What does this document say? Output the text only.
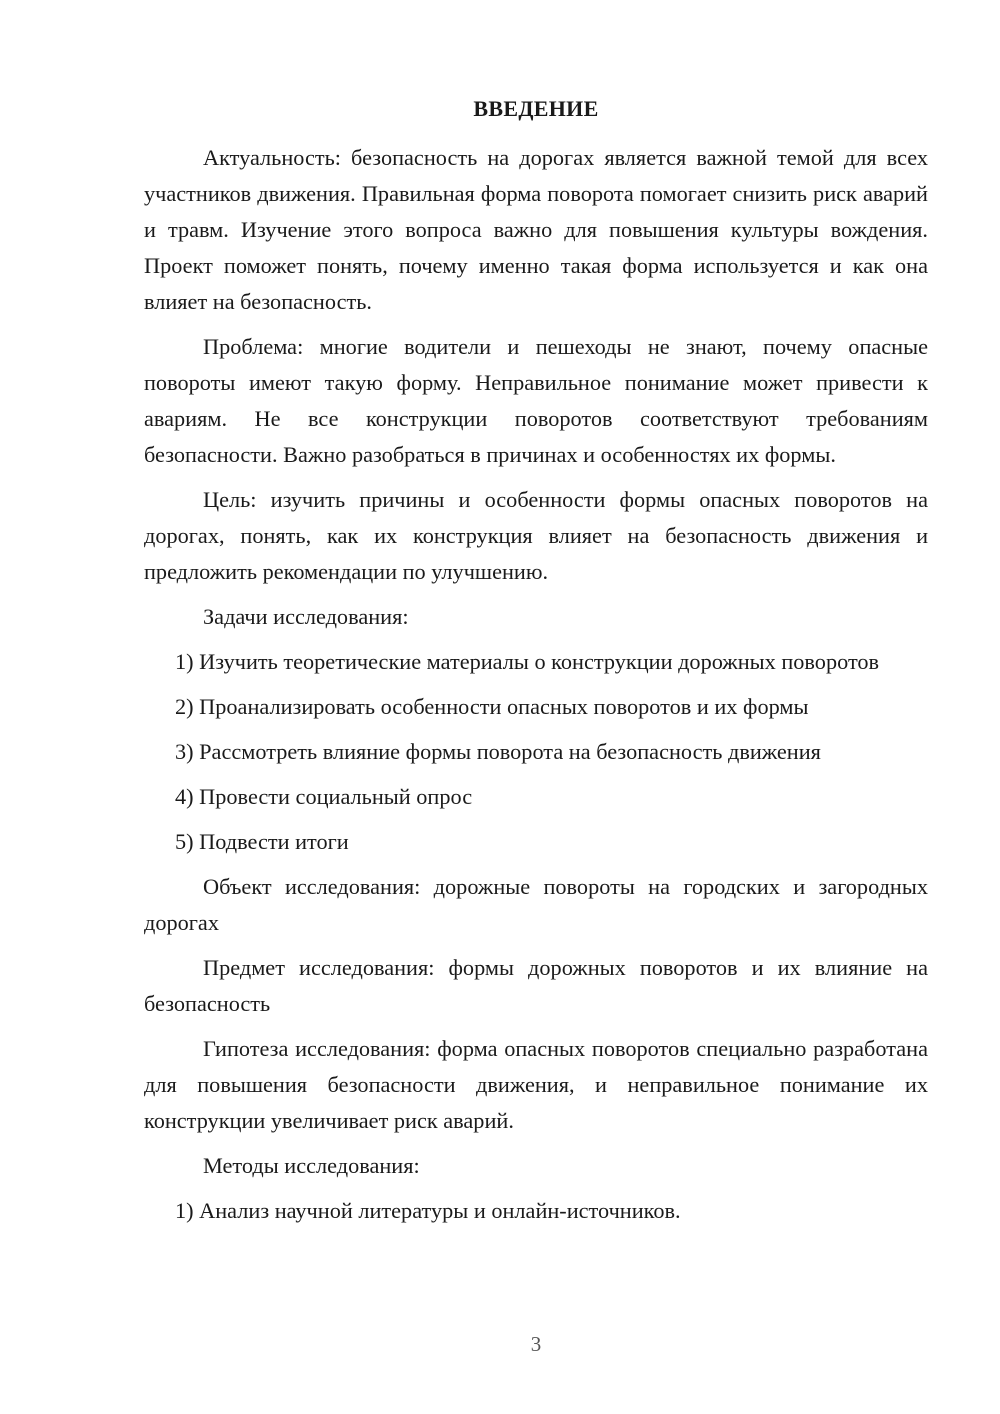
ВВЕДЕНИЕ

Актуальность: безопасность на дорогах является важной темой для всех участников движения. Правильная форма поворота помогает снизить риск аварий и травм. Изучение этого вопроса важно для повышения культуры вождения. Проект поможет понять, почему именно такая форма используется и как она влияет на безопасность.

Проблема: многие водители и пешеходы не знают, почему опасные повороты имеют такую форму. Неправильное понимание может привести к авариям. Не все конструкции поворотов соответствуют требованиям безопасности. Важно разобраться в причинах и особенностях их формы.

Цель: изучить причины и особенности формы опасных поворотов на дорогах, понять, как их конструкция влияет на безопасность движения и предложить рекомендации по улучшению.

Задачи исследования:

1) Изучить теоретические материалы о конструкции дорожных поворотов

2) Проанализировать особенности опасных поворотов и их формы

3) Рассмотреть влияние формы поворота на безопасность движения

4) Провести социальный опрос

5) Подвести итоги

Объект исследования: дорожные повороты на городских и загородных дорогах

Предмет исследования: формы дорожных поворотов и их влияние на безопасность

Гипотеза исследования: форма опасных поворотов специально разработана для повышения безопасности движения, и неправильное понимание их конструкции увеличивает риск аварий.

Методы исследования:

1) Анализ научной литературы и онлайн-источников.

3
